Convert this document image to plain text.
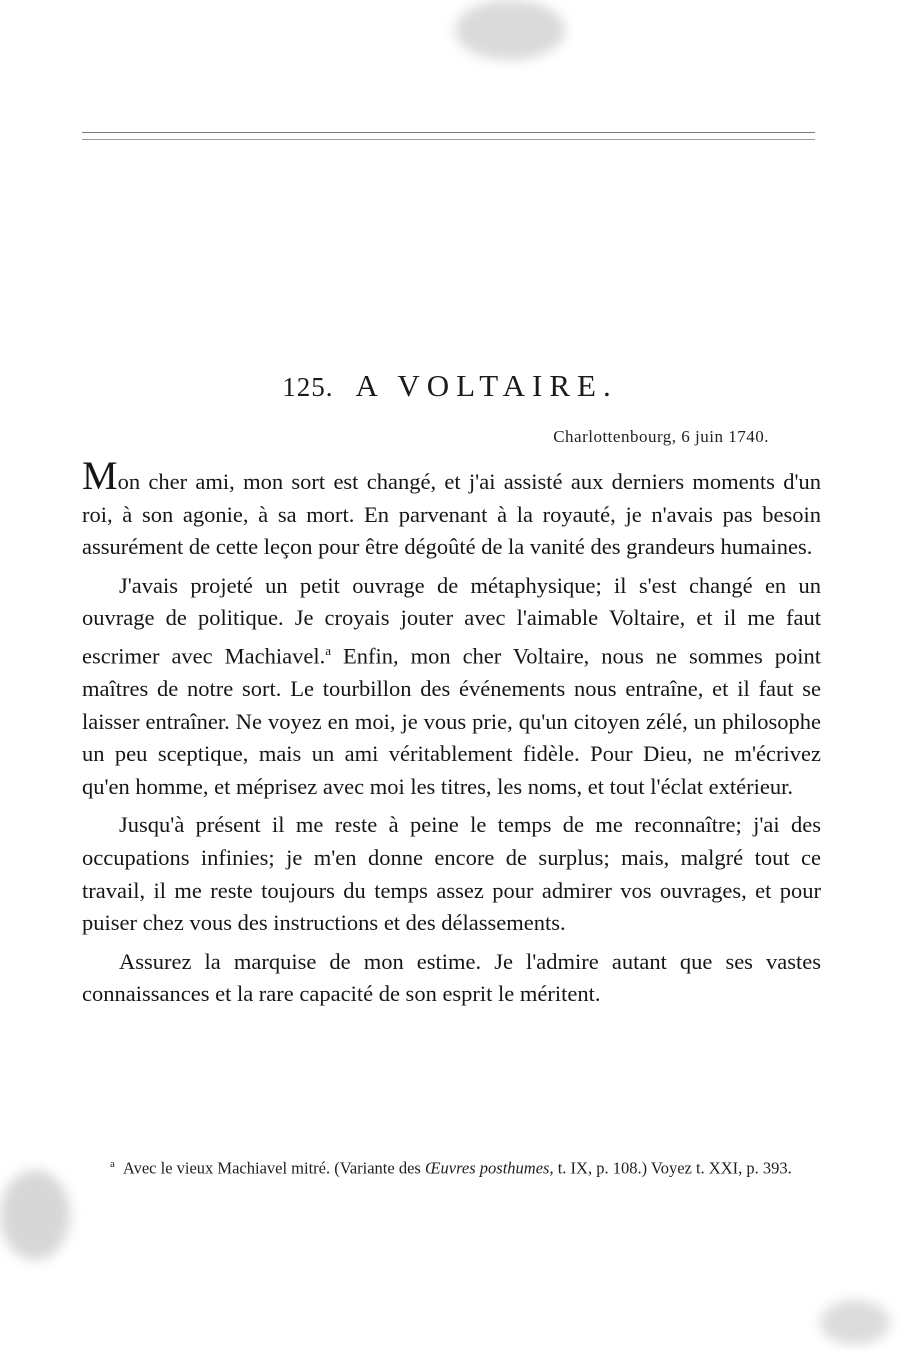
125. A VOLTAIRE.
Charlottenbourg, 6 juin 1740.

Mon cher ami, mon sort est changé, et j'ai assisté aux derniers moments d'un roi, à son agonie, à sa mort. En parvenant à la royauté, je n'avais pas besoin assurément de cette leçon pour être dégoûté de la vanité des grandeurs humaines.

J'avais projeté un petit ouvrage de métaphysique; il s'est changé en un ouvrage de politique. Je croyais jouter avec l'aimable Voltaire, et il me faut escrimer avec Machiavel.$^a$ Enfin, mon cher Voltaire, nous ne sommes point maîtres de notre sort. Le tourbillon des événements nous entraîne, et il faut se laisser entraîner. Ne voyez en moi, je vous prie, qu'un citoyen zélé, un philosophe un peu sceptique, mais un ami véritablement fidèle. Pour Dieu, ne m'écrivez qu'en homme, et méprisez avec moi les titres, les noms, et tout l'éclat extérieur.

Jusqu'à présent il me reste à peine le temps de me reconnaître; j'ai des occupations infinies; je m'en donne encore de surplus; mais, malgré tout ce travail, il me reste toujours du temps assez pour admirer vos ouvrages, et pour puiser chez vous des instructions et des délassements.

Assurez la marquise de mon estime. Je l'admire autant que ses vastes connaissances et la rare capacité de son esprit le méritent.

$^a$ Avec le vieux Machiavel mitré. (Variante des Œuvres posthumes, t. IX, p. 108.) Voyez t. XXI, p. 393.
